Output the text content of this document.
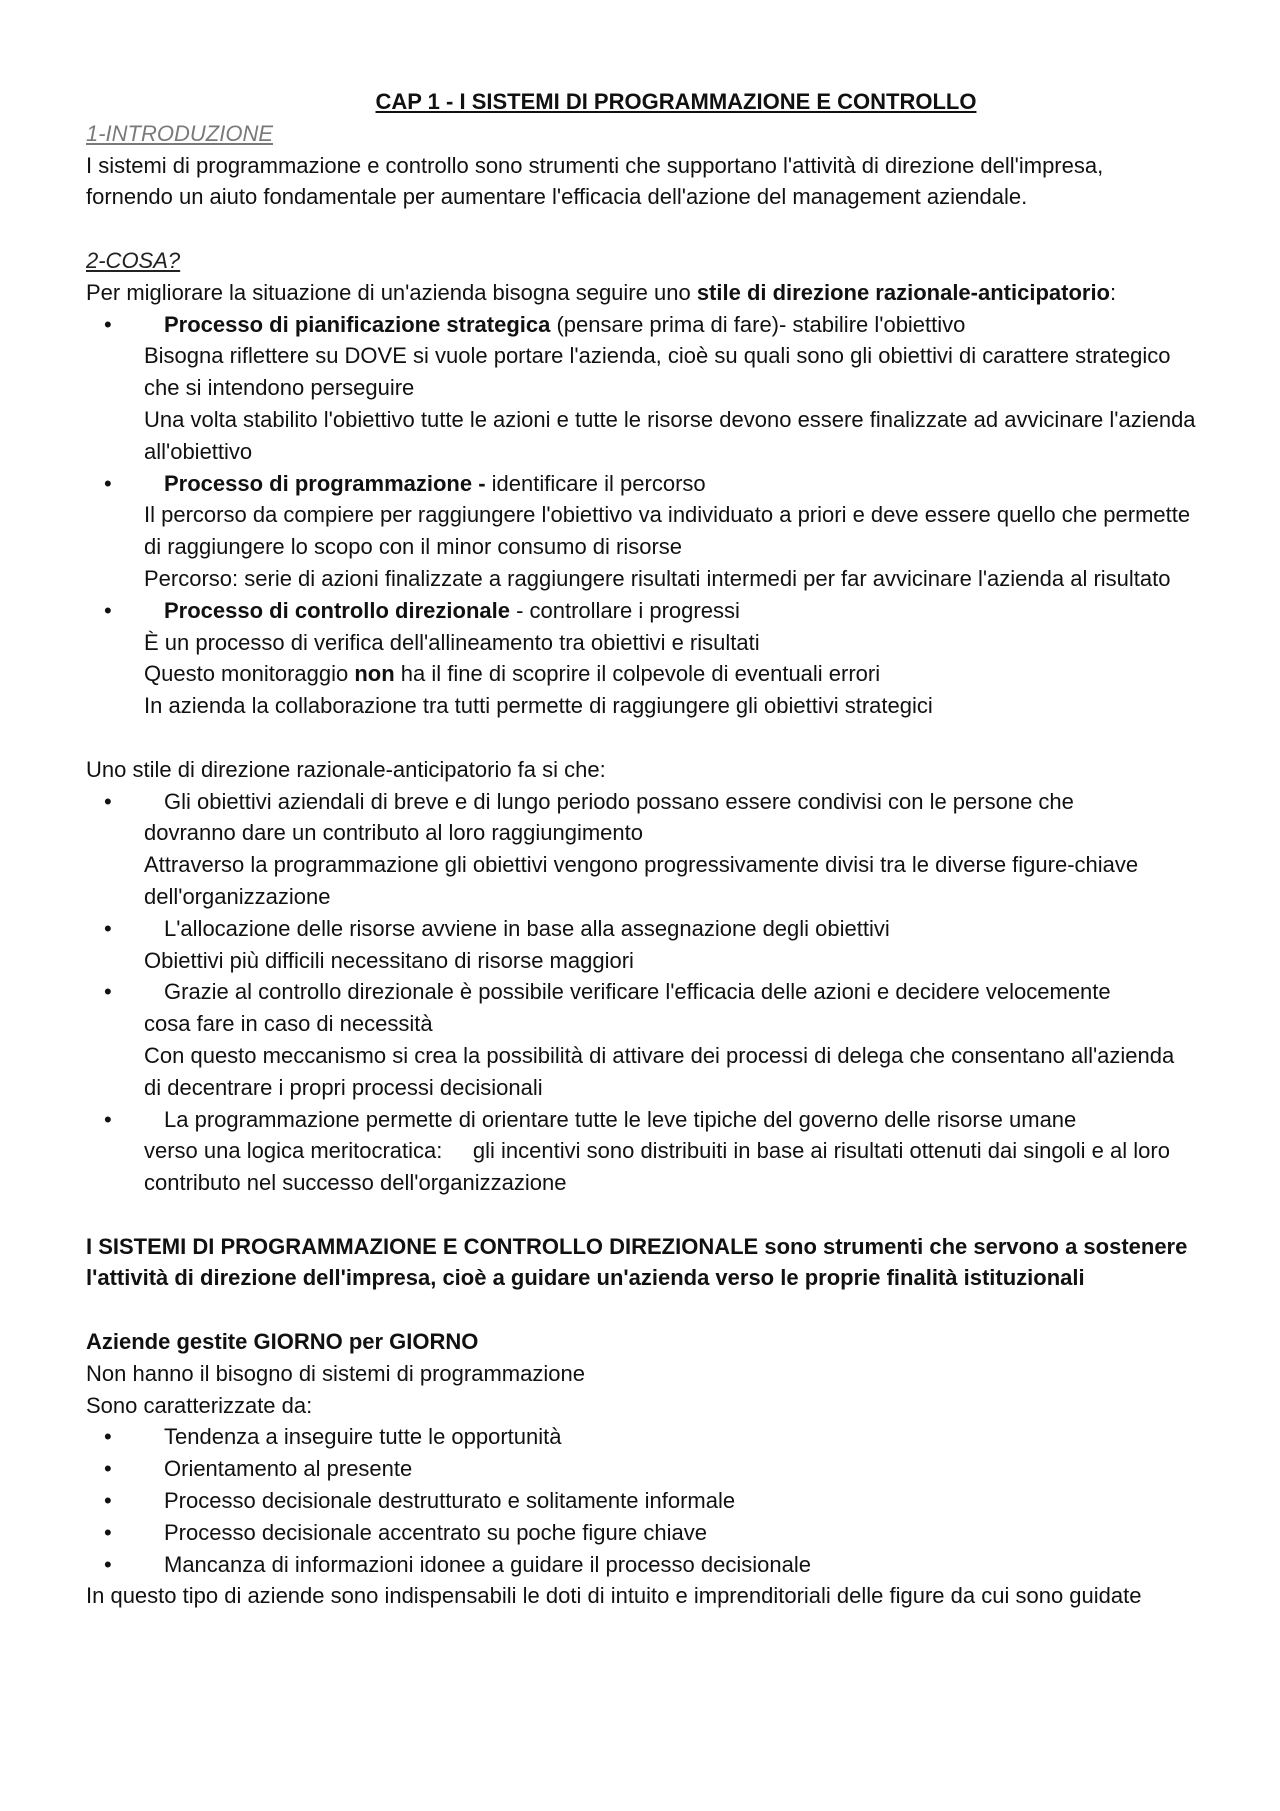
CAP 1 - I SISTEMI DI PROGRAMMAZIONE E CONTROLLO

1-INTRODUZIONE

I sistemi di programmazione e controllo sono strumenti che supportano l'attività di direzione dell'impresa, fornendo un aiuto fondamentale per aumentare l'efficacia dell'azione del management aziendale.

2-COSA?

Per migliorare la situazione di un'azienda bisogna seguire uno stile di direzione razionale-anticipatorio:

• Processo di pianificazione strategica (pensare prima di fare)- stabilire l'obiettivo

Bisogna riflettere su DOVE si vuole portare l'azienda, cioè su quali sono gli obiettivi di carattere strategico che si intendono perseguire

Una volta stabilito l'obiettivo tutte le azioni e tutte le risorse devono essere finalizzate ad avvicinare l'azienda all'obiettivo

• Processo di programmazione - identificare il percorso

Il percorso da compiere per raggiungere l'obiettivo va individuato a priori e deve essere quello che permette di raggiungere lo scopo con il minor consumo di risorse

Percorso: serie di azioni finalizzate a raggiungere risultati intermedi per far avvicinare l'azienda al risultato

• Processo di controllo direzionale - controllare i progressi

È un processo di verifica dell'allineamento tra obiettivi e risultati

Questo monitoraggio non ha il fine di scoprire il colpevole di eventuali errori

In azienda la collaborazione tra tutti permette di raggiungere gli obiettivi strategici

Uno stile di direzione razionale-anticipatorio fa si che:

• Gli obiettivi aziendali di breve e di lungo periodo possano essere condivisi con le persone che

dovranno dare un contributo al loro raggiungimento

Attraverso la programmazione gli obiettivi vengono progressivamente divisi tra le diverse figure-chiave dell'organizzazione

• L'allocazione delle risorse avviene in base alla assegnazione degli obiettivi

Obiettivi più difficili necessitano di risorse maggiori

• Grazie al controllo direzionale è possibile verificare l'efficacia delle azioni e decidere velocemente

cosa fare in caso di necessità

Con questo meccanismo si crea la possibilità di attivare dei processi di delega che consentano all'azienda di decentrare i propri processi decisionali

• La programmazione permette di orientare tutte le leve tipiche del governo delle risorse umane

verso una logica meritocratica:     gli incentivi sono distribuiti in base ai risultati ottenuti dai singoli e al loro contributo nel successo dell'organizzazione

I SISTEMI DI PROGRAMMAZIONE E CONTROLLO DIREZIONALE sono strumenti che servono a sostenere l'attività di direzione dell'impresa, cioè a guidare un'azienda verso le proprie finalità istituzionali

Aziende gestite GIORNO per GIORNO

Non hanno il bisogno di sistemi di programmazione

Sono caratterizzate da:

• Tendenza a inseguire tutte le opportunità
• Orientamento al presente
• Processo decisionale destrutturato e solitamente informale
• Processo decisionale accentrato su poche figure chiave
• Mancanza di informazioni idonee a guidare il processo decisionale

In questo tipo di aziende sono indispensabili le doti di intuito e imprenditoriali delle figure da cui sono guidate
